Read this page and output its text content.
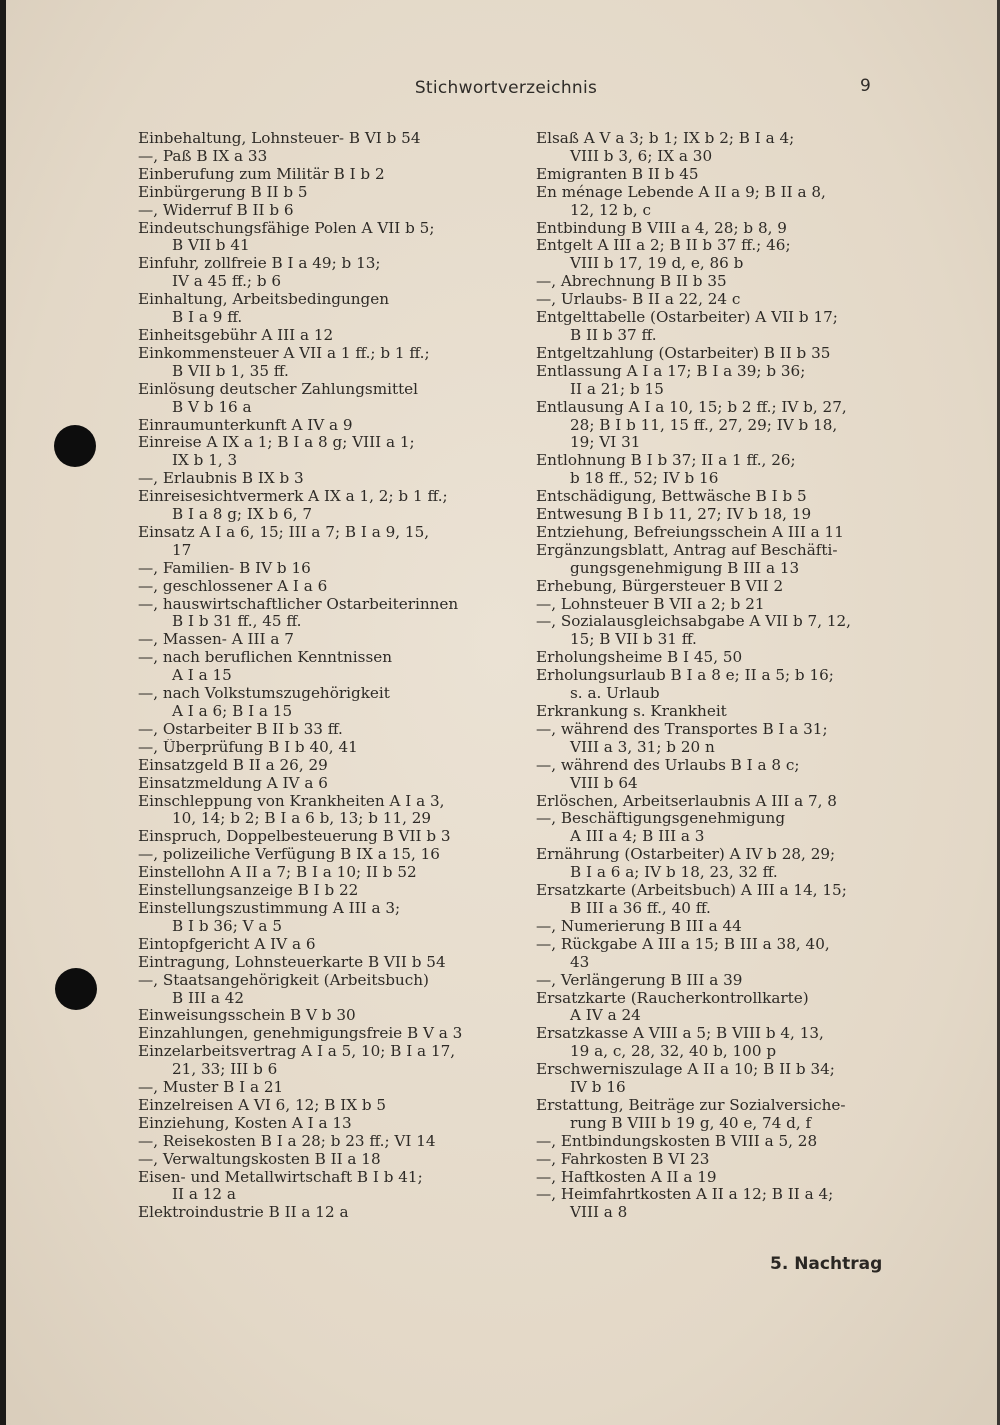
Stichwortverzeichnis	9
Einbehaltung, Lohnsteuer- B VI b 54
—, Paß B IX a 33
Einberufung zum Militär B I b 2
Einbürgerung B II b 5
—, Widerruf B II b 6
Eindeutschungsfähige Polen A VII b 5;
B VII b 41
Einfuhr, zollfreie B I a 49; b 13;
IV a 45 ff.; b 6
Einhaltung, Arbeitsbedingungen
B I a 9 ff.
Einheitsgebühr A III a 12
Einkommensteuer A VII a 1 ff.; b 1 ff.;
B VII b 1, 35 ff.
Einlösung deutscher Zahlungsmittel
B V b 16 a
Einraumunterkunft A IV a 9
Einreise A IX a 1; B I a 8 g; VIII a 1;
IX b 1, 3
—, Erlaubnis B IX b 3
Einreisesichtvermerk A IX a 1, 2; b 1 ff.;
B I a 8 g; IX b 6, 7
Einsatz A I a 6, 15; III a 7; B I a 9, 15,
17
—, Familien- B IV b 16
—, geschlossener A I a 6
—, hauswirtschaftlicher Ostarbeiterinnen
B I b 31 ff., 45 ff.
—, Massen- A III a 7
—, nach beruflichen Kenntnissen
A I a 15
—, nach Volkstumszugehörigkeit
A I a 6; B I a 15
—, Ostarbeiter B II b 33 ff.
—, Überprüfung B I b 40, 41
Einsatzgeld B II a 26, 29
Einsatzmeldung A IV a 6
Einschleppung von Krankheiten A I a 3,
10, 14; b 2; B I a 6 b, 13; b 11, 29
Einspruch, Doppelbesteuerung B VII b 3
—, polizeiliche Verfügung B IX a 15, 16
Einstellohn A II a 7; B I a 10; II b 52
Einstellungsanzeige B I b 22
Einstellungszustimmung A III a 3;
B I b 36; V a 5
Eintopfgericht A IV a 6
Eintragung, Lohnsteuerkarte B VII b 54
—, Staatsangehörigkeit (Arbeitsbuch)
B III a 42
Einweisungsschein B V b 30
Einzahlungen, genehmigungsfreie B V a 3
Einzelarbeitsvertrag A I a 5, 10; B I a 17,
21, 33; III b 6
—, Muster B I a 21
Einzelreisen A VI 6, 12; B IX b 5
Einziehung, Kosten A I a 13
—, Reisekosten B I a 28; b 23 ff.; VI 14
—, Verwaltungskosten B II a 18
Eisen- und Metallwirtschaft B I b 41;
II a 12 a
Elektroindustrie B II a 12 a
Elsaß A V a 3; b 1; IX b 2; B I a 4;
VIII b 3, 6; IX a 30
Emigranten B II b 45
En ménage Lebende A II a 9; B II a 8,
12, 12 b, c
Entbindung B VIII a 4, 28; b 8, 9
Entgelt A III a 2; B II b 37 ff.; 46;
VIII b 17, 19 d, e, 86 b
—, Abrechnung B II b 35
—, Urlaubs- B II a 22, 24 c
Entgelttabelle (Ostarbeiter) A VII b 17;
B II b 37 ff.
Entgeltzahlung (Ostarbeiter) B II b 35
Entlassung A I a 17; B I a 39; b 36;
II a 21; b 15
Entlausung A I a 10, 15; b 2 ff.; IV b, 27,
28; B I b 11, 15 ff., 27, 29; IV b 18,
19; VI 31
Entlohnung B I b 37; II a 1 ff., 26;
b 18 ff., 52; IV b 16
Entschädigung, Bettwäsche B I b 5
Entwesung B I b 11, 27; IV b 18, 19
Entziehung, Befreiungsschein A III a 11
Ergänzungsblatt, Antrag auf Beschäfti-
gungsgenehmigung B III a 13
Erhebung, Bürgersteuer B VII 2
—, Lohnsteuer B VII a 2; b 21
—, Sozialausgleichsabgabe A VII b 7, 12,
15; B VII b 31 ff.
Erholungsheime B I 45, 50
Erholungsurlaub B I a 8 e; II a 5; b 16;
s. a. Urlaub
Erkrankung s. Krankheit
—, während des Transportes B I a 31;
VIII a 3, 31; b 20 n
—, während des Urlaubs B I a 8 c;
VIII b 64
Erlöschen, Arbeitserlaubnis A III a 7, 8
—, Beschäftigungsgenehmigung
A III a 4; B III a 3
Ernährung (Ostarbeiter) A IV b 28, 29;
B I a 6 a; IV b 18, 23, 32 ff.
Ersatzkarte (Arbeitsbuch) A III a 14, 15;
B III a 36 ff., 40 ff.
—, Numerierung B III a 44
—, Rückgabe A III a 15; B III a 38, 40,
43
—, Verlängerung B III a 39
Ersatzkarte (Raucherkontrollkarte)
A IV a 24
Ersatzkasse A VIII a 5; B VIII b 4, 13,
19 a, c, 28, 32, 40 b, 100 p
Erschwerniszulage A II a 10; B II b 34;
IV b 16
Erstattung, Beiträge zur Sozialversiche-
rung B VIII b 19 g, 40 e, 74 d, f
—, Entbindungskosten B VIII a 5, 28
—, Fahrkosten B VI 23
—, Haftkosten A II a 19
—, Heimfahrtkosten A II a 12; B II a 4;
VIII a 8
5. Nachtrag
